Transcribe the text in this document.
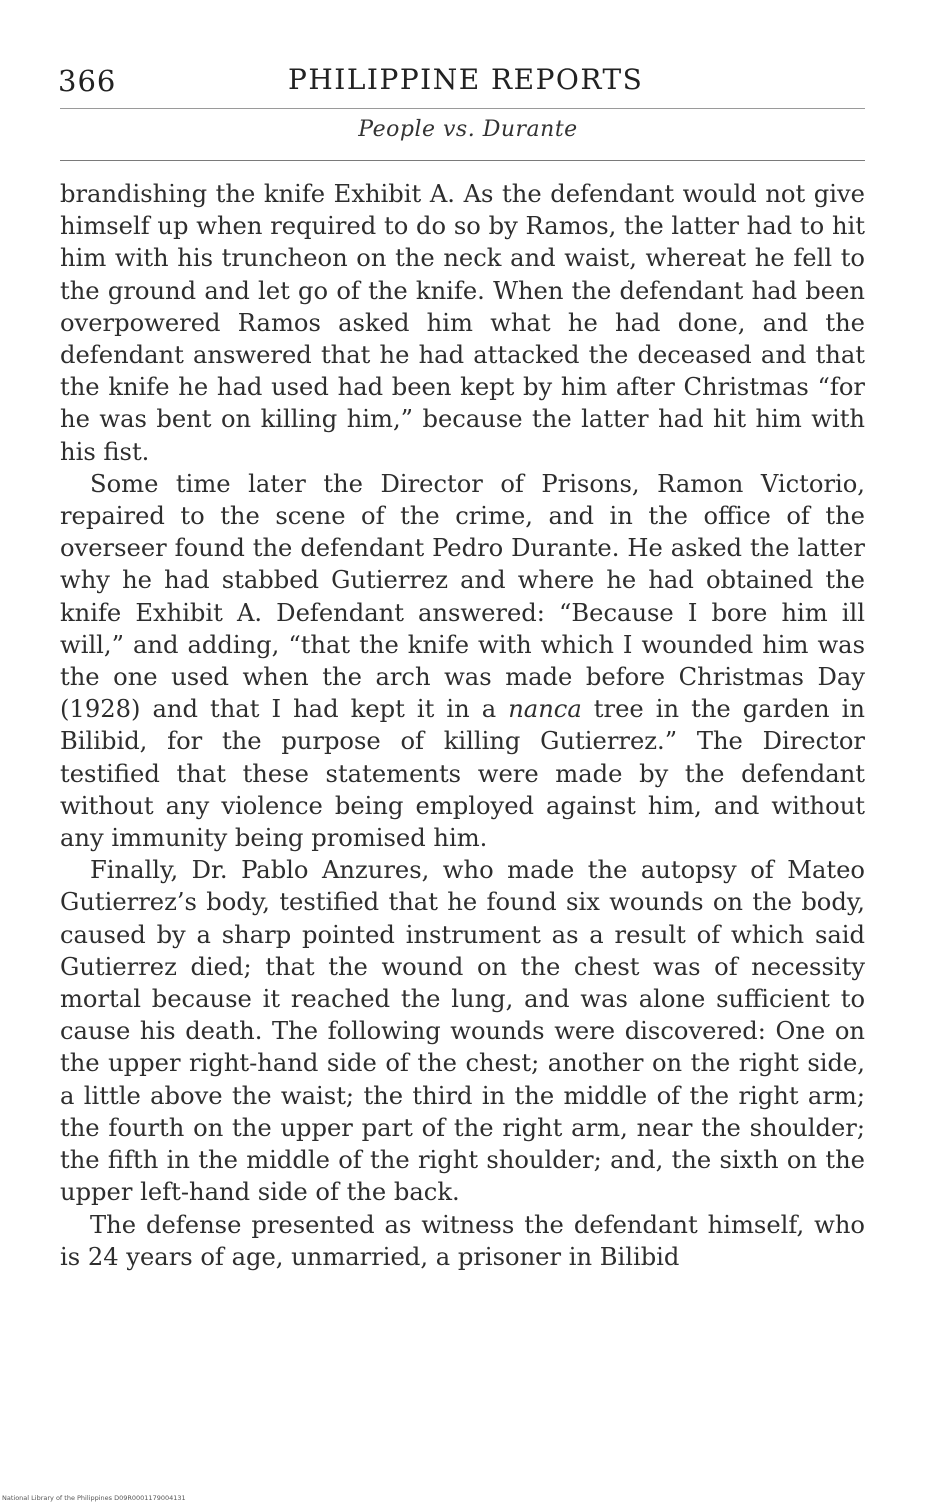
366	PHILIPPINE REPORTS
People vs. Durante

brandishing the knife Exhibit A. As the defendant would not give himself up when required to do so by Ramos, the latter had to hit him with his truncheon on the neck and waist, whereat he fell to the ground and let go of the knife. When the defendant had been overpowered Ramos asked him what he had done, and the defendant answered that he had attacked the deceased and that the knife he had used had been kept by him after Christmas “for he was bent on killing him,” because the latter had hit him with his fist.

Some time later the Director of Prisons, Ramon Victorio, repaired to the scene of the crime, and in the office of the overseer found the defendant Pedro Durante. He asked the latter why he had stabbed Gutierrez and where he had obtained the knife Exhibit A. Defendant answered: “Because I bore him ill will,” and adding, “that the knife with which I wounded him was the one used when the arch was made before Christmas Day (1928) and that I had kept it in a nanca tree in the garden in Bilibid, for the purpose of killing Gutierrez.” The Director testified that these statements were made by the defendant without any violence being employed against him, and without any immunity being promised him.

Finally, Dr. Pablo Anzures, who made the autopsy of Mateo Gutierrez’s body, testified that he found six wounds on the body, caused by a sharp pointed instrument as a result of which said Gutierrez died; that the wound on the chest was of necessity mortal because it reached the lung, and was alone sufficient to cause his death. The following wounds were discovered: One on the upper right-hand side of the chest; another on the right side, a little above the waist; the third in the middle of the right arm; the fourth on the upper part of the right arm, near the shoulder; the fifth in the middle of the right shoulder; and, the sixth on the upper left-hand side of the back.

The defense presented as witness the defendant himself, who is 24 years of age, unmarried, a prisoner in Bilibid

National Library of the Philippines D09R0001179004131
